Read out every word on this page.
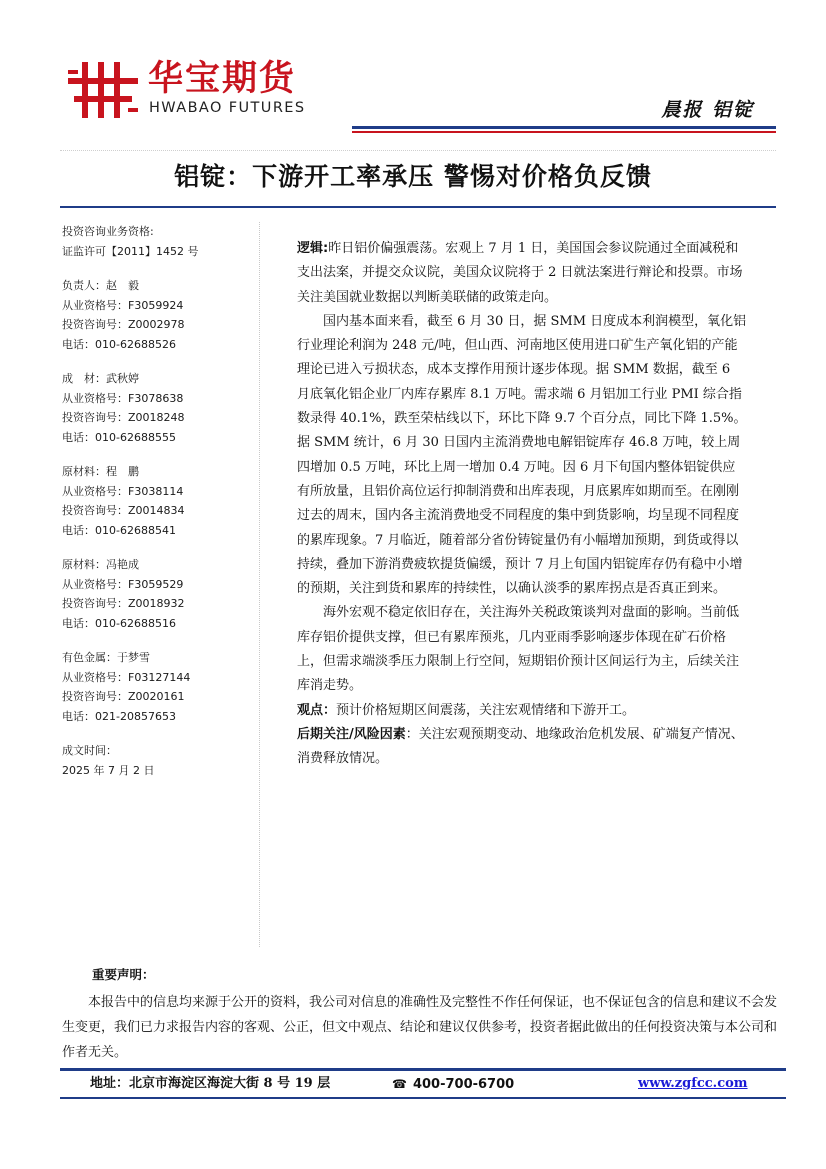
华宝期货
HWABAO FUTURES	晨报 铝锭
铝锭：下游开工率承压 警惕对价格负反馈
投资咨询业务资格:
证监许可【2011】1452 号
负责人：赵　毅
从业资格号：F3059924
投资咨询号：Z0002978
电话：010-62688526
成　材：武秋婷
从业资格号：F3078638
投资咨询号：Z0018248
电话：010-62688555
原材料：程　鹏
从业资格号：F3038114
投资咨询号：Z0014834
电话：010-62688541
原材料：冯艳成
从业资格号：F3059529
投资咨询号：Z0018932
电话：010-62688516
有色金属：于梦雪
从业资格号：F03127144
投资咨询号：Z0020161
电话：021-20857653
成文时间：
2025 年 7 月 2 日

逻辑:昨日铝价偏强震荡。宏观上 7 月 1 日，美国国会参议院通过全面减税和支出法案，并提交众议院，美国众议院将于 2 日就法案进行辩论和投票。市场关注美国就业数据以判断美联储的政策走向。

国内基本面来看，截至 6 月 30 日，据 SMM 日度成本利润模型，氧化铝行业理论利润为 248 元/吨，但山西、河南地区使用进口矿生产氧化铝的产能理论已进入亏损状态，成本支撑作用预计逐步体现。据 SMM 数据，截至 6 月底氧化铝企业厂内库存累库 8.1 万吨。需求端 6 月铝加工行业 PMI 综合指数录得 40.1%，跌至荣枯线以下，环比下降 9.7 个百分点，同比下降 1.5%。据 SMM 统计，6 月 30 日国内主流消费地电解铝锭库存 46.8 万吨，较上周四增加 0.5 万吨，环比上周一增加 0.4 万吨。因 6 月下旬国内整体铝锭供应有所放量，且铝价高位运行抑制消费和出库表现，月底累库如期而至。在刚刚过去的周末，国内各主流消费地受不同程度的集中到货影响，均呈现不同程度的累库现象。7 月临近，随着部分省份铸锭量仍有小幅增加预期，到货或得以持续，叠加下游消费疲软提货偏缓，预计 7 月上旬国内铝锭库存仍有稳中小增的预期，关注到货和累库的持续性，以确认淡季的累库拐点是否真正到来。

海外宏观不稳定依旧存在，关注海外关税政策谈判对盘面的影响。当前低库存铝价提供支撑，但已有累库预兆，几内亚雨季影响逐步体现在矿石价格上，但需求端淡季压力限制上行空间，短期铝价预计区间运行为主，后续关注库消走势。

观点：预计价格短期区间震荡，关注宏观情绪和下游开工。

后期关注/风险因素：关注宏观预期变动、地缘政治危机发展、矿端复产情况、消费释放情况。

重要声明：
本报告中的信息均来源于公开的资料，我公司对信息的准确性及完整性不作任何保证，也不保证包含的信息和建议不会发生变更，我们已力求报告内容的客观、公正，但文中观点、结论和建议仅供参考，投资者据此做出的任何投资决策与本公司和作者无关。
地址：北京市海淀区海淀大街 8 号 19 层	☎ 400-700-6700	www.zgfcc.com
